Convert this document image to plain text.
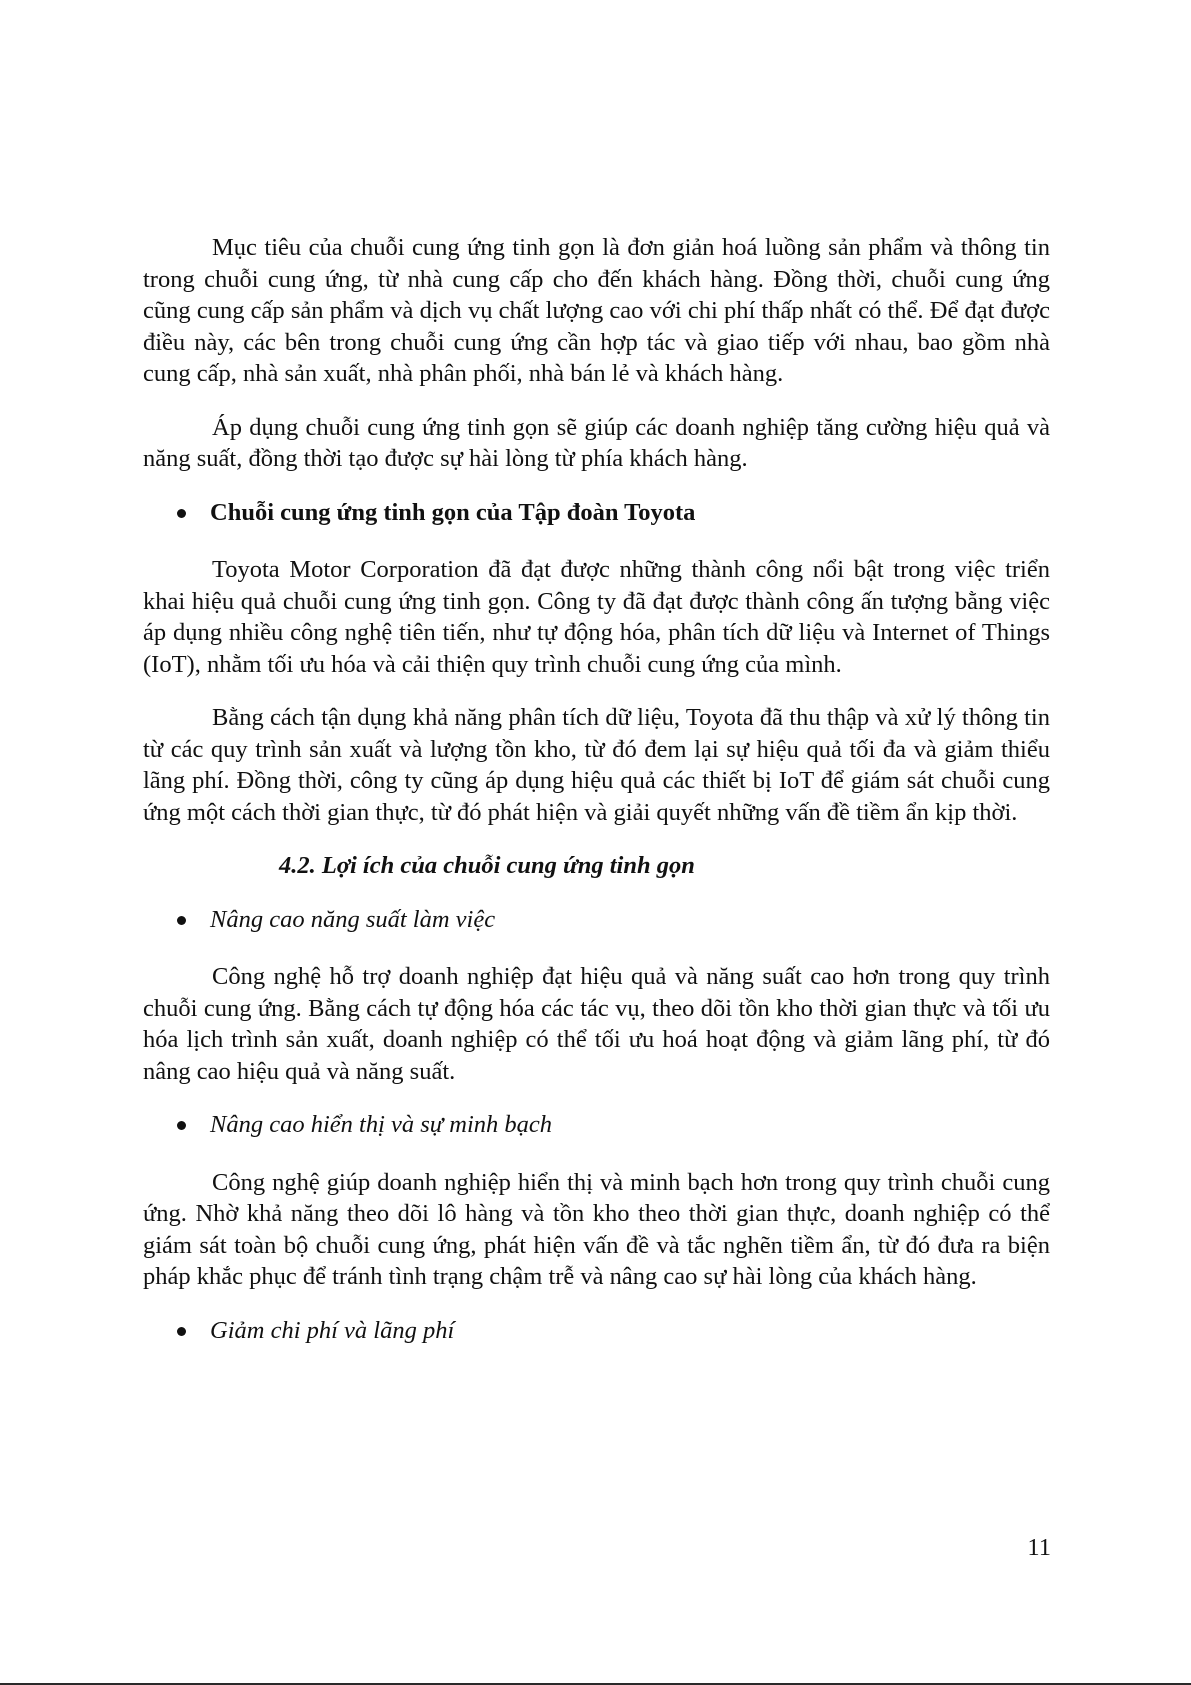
Mục tiêu của chuỗi cung ứng tinh gọn là đơn giản hoá luồng sản phẩm và thông tin trong chuỗi cung ứng, từ nhà cung cấp cho đến khách hàng. Đồng thời, chuỗi cung ứng cũng cung cấp sản phẩm và dịch vụ chất lượng cao với chi phí thấp nhất có thể. Để đạt được điều này, các bên trong chuỗi cung ứng cần hợp tác và giao tiếp với nhau, bao gồm nhà cung cấp, nhà sản xuất, nhà phân phối, nhà bán lẻ và khách hàng.

Áp dụng chuỗi cung ứng tinh gọn sẽ giúp các doanh nghiệp tăng cường hiệu quả và năng suất, đồng thời tạo được sự hài lòng từ phía khách hàng.

Chuỗi cung ứng tinh gọn của Tập đoàn Toyota

Toyota Motor Corporation đã đạt được những thành công nổi bật trong việc triển khai hiệu quả chuỗi cung ứng tinh gọn. Công ty đã đạt được thành công ấn tượng bằng việc áp dụng nhiều công nghệ tiên tiến, như tự động hóa, phân tích dữ liệu và Internet of Things (IoT), nhằm tối ưu hóa và cải thiện quy trình chuỗi cung ứng của mình.

Bằng cách tận dụng khả năng phân tích dữ liệu, Toyota đã thu thập và xử lý thông tin từ các quy trình sản xuất và lượng tồn kho, từ đó đem lại sự hiệu quả tối đa và giảm thiểu lãng phí. Đồng thời, công ty cũng áp dụng hiệu quả các thiết bị IoT để giám sát chuỗi cung ứng một cách thời gian thực, từ đó phát hiện và giải quyết những vấn đề tiềm ẩn kịp thời.

4.2. Lợi ích của chuỗi cung ứng tinh gọn
Nâng cao năng suất làm việc

Công nghệ hỗ trợ doanh nghiệp đạt hiệu quả và năng suất cao hơn trong quy trình chuỗi cung ứng. Bằng cách tự động hóa các tác vụ, theo dõi tồn kho thời gian thực và tối ưu hóa lịch trình sản xuất, doanh nghiệp có thể tối ưu hoá hoạt động và giảm lãng phí, từ đó nâng cao hiệu quả và năng suất.

Nâng cao hiển thị và sự minh bạch

Công nghệ giúp doanh nghiệp hiển thị và minh bạch hơn trong quy trình chuỗi cung ứng. Nhờ khả năng theo dõi lô hàng và tồn kho theo thời gian thực, doanh nghiệp có thể giám sát toàn bộ chuỗi cung ứng, phát hiện vấn đề và tắc nghẽn tiềm ẩn, từ đó đưa ra biện pháp khắc phục để tránh tình trạng chậm trễ và nâng cao sự hài lòng của khách hàng.

Giảm chi phí và lãng phí
11
